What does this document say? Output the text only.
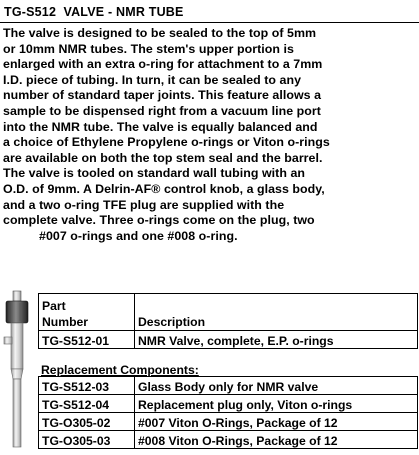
TG-S512  VALVE - NMR TUBE
The valve is designed to be sealed to the top of 5mm
or 10mm NMR tubes. The stem's upper portion is
enlarged with an extra o-ring for attachment to a 7mm
I.D. piece of tubing. In turn, it can be sealed to any
number of standard taper joints. This feature allows a
sample to be dispensed right from a vacuum line port
into the NMR tube. The valve is equally balanced and
a choice of Ethylene Propylene o-rings or Viton o-rings
are available on both the top stem seal and the barrel.
The valve is tooled on standard wall tubing with an
O.D. of 9mm. A Delrin-AF® control knob, a glass body,
and a two o-ring TFE plug are supplied with the
complete valve. Three o-rings come on the plug, two
#007 o-rings and one #008 o-ring.
Part
Number	Description
TG-S512-01	NMR Valve, complete, E.P. o-rings
Replacement Components:
TG-S512-03	Glass Body only for NMR valve
TG-S512-04	Replacement plug only, Viton o-rings
TG-O305-02	#007 Viton O-Rings, Package of 12
TG-O305-03	#008 Viton O-Rings, Package of 12
